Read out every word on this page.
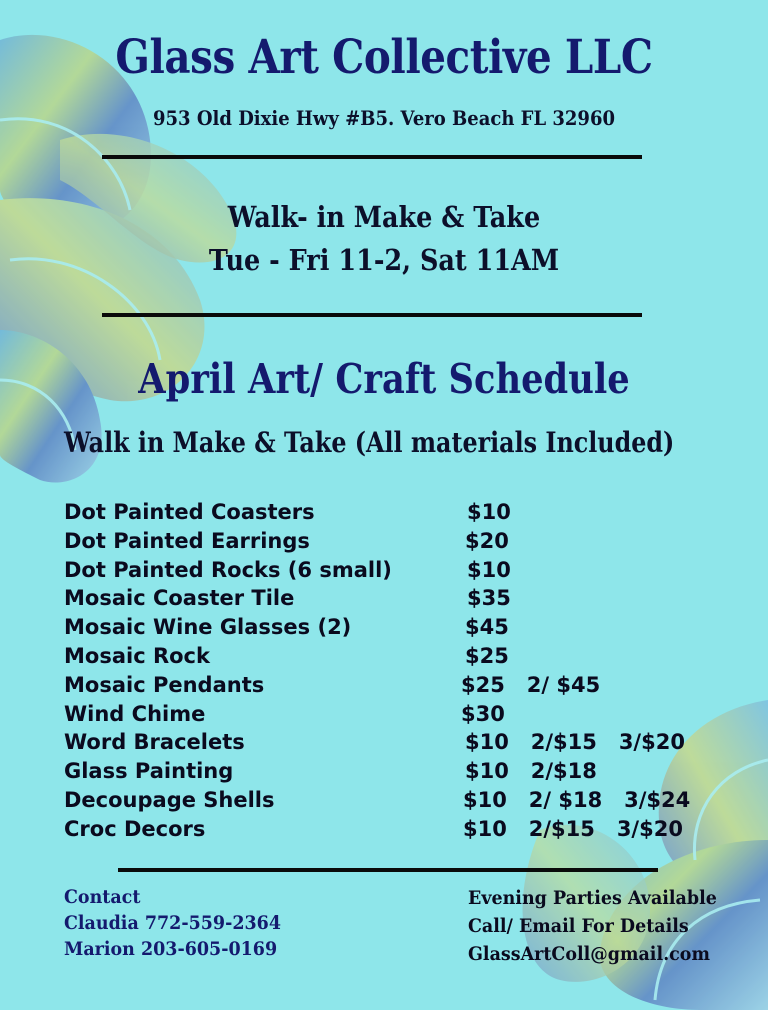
Glass Art Collective LLC
953 Old Dixie Hwy #B5. Vero Beach FL 32960
Walk- in Make & Take
Tue - Fri 11-2, Sat 11AM
April Art/ Craft Schedule
Walk in Make & Take (All materials Included)
Dot Painted Coasters	$10
Dot Painted Earrings	$20
Dot Painted Rocks (6 small)	$10
Mosaic Coaster Tile	$35
Mosaic Wine Glasses (2)	$45
Mosaic Rock	$25
Mosaic Pendants	$25   2/ $45
Wind Chime	$30
Word Bracelets	$10   2/$15   3/$20
Glass Painting	$10   2/$18
Decoupage Shells	$10   2/ $18   3/$24
Croc Decors	$10   2/$15   3/$20
Contact
Claudia 772-559-2364
Marion 203-605-0169
Evening Parties Available
Call/ Email For Details
GlassArtColl@gmail.com
